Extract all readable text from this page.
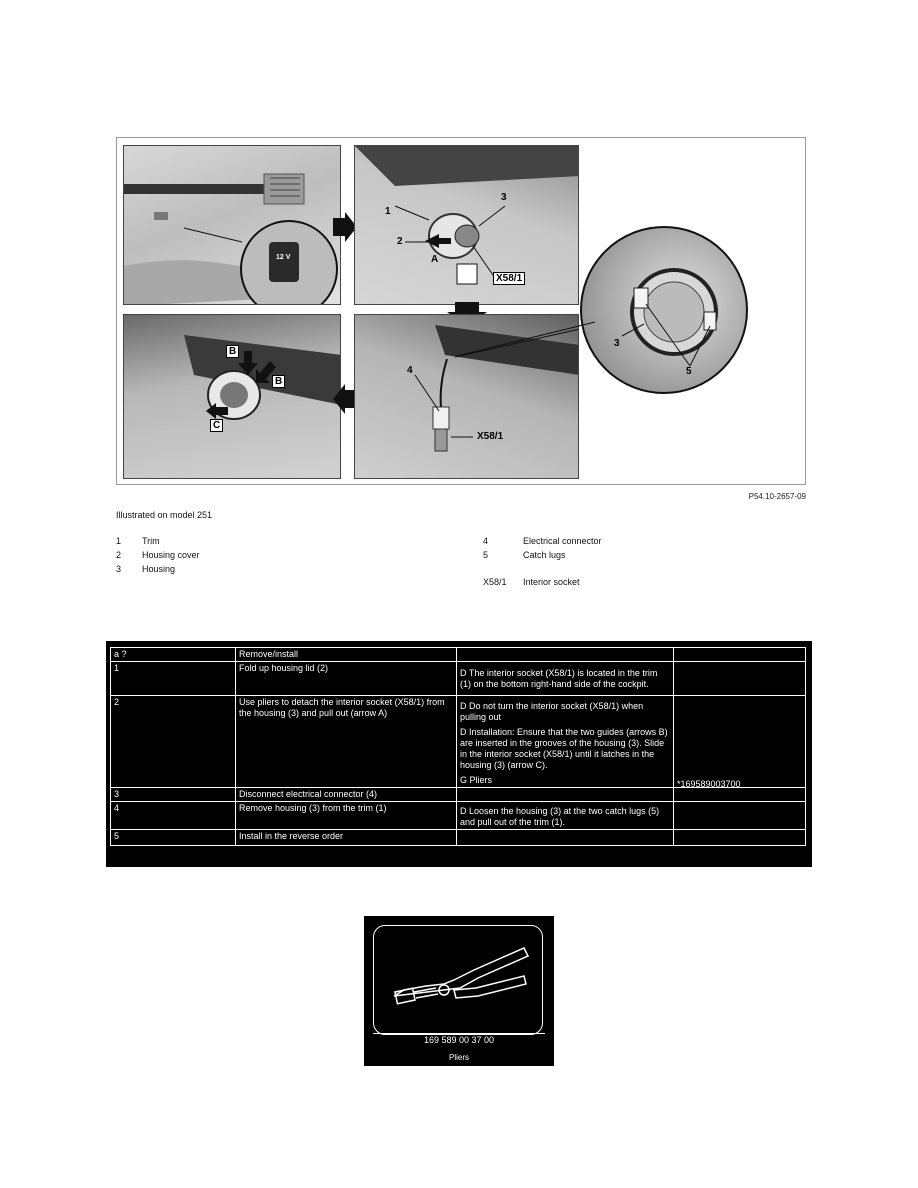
12 V
1
2
3
A
X58/1
B
B
C
4
X58/1
3
5
P54.10-2657-09
Illustrated on model 251
1 Trim
2 Housing cover
3 Housing
4	Electrical connector
5	Catch lugs
X58/1 Interior socket
a ?	Remove/install		
1	Fold up housing lid (2)	D The interior socket (X58/1) is located in the trim (1) on the bottom right-hand side of the cockpit.	

2	Use pliers to detach the interior socket (X58/1) from the housing (3) and pull out (arrow A)	D Do not turn the interior socket (X58/1) when pulling out
D Installation: Ensure that the two guides (arrows B) are inserted in the grooves of the housing (3). Slide in the interior socket (X58/1) until it latches in the housing (3) (arrow C).
G Pliers	*169589003700

3	Disconnect electrical connector (4)		
4	Remove housing (3) from the trim (1)	D Loosen the housing (3) at the two catch lugs (5) and pull out of the trim (1).	

5	Install in the reverse order		
169 589 00 37 00
Pliers
